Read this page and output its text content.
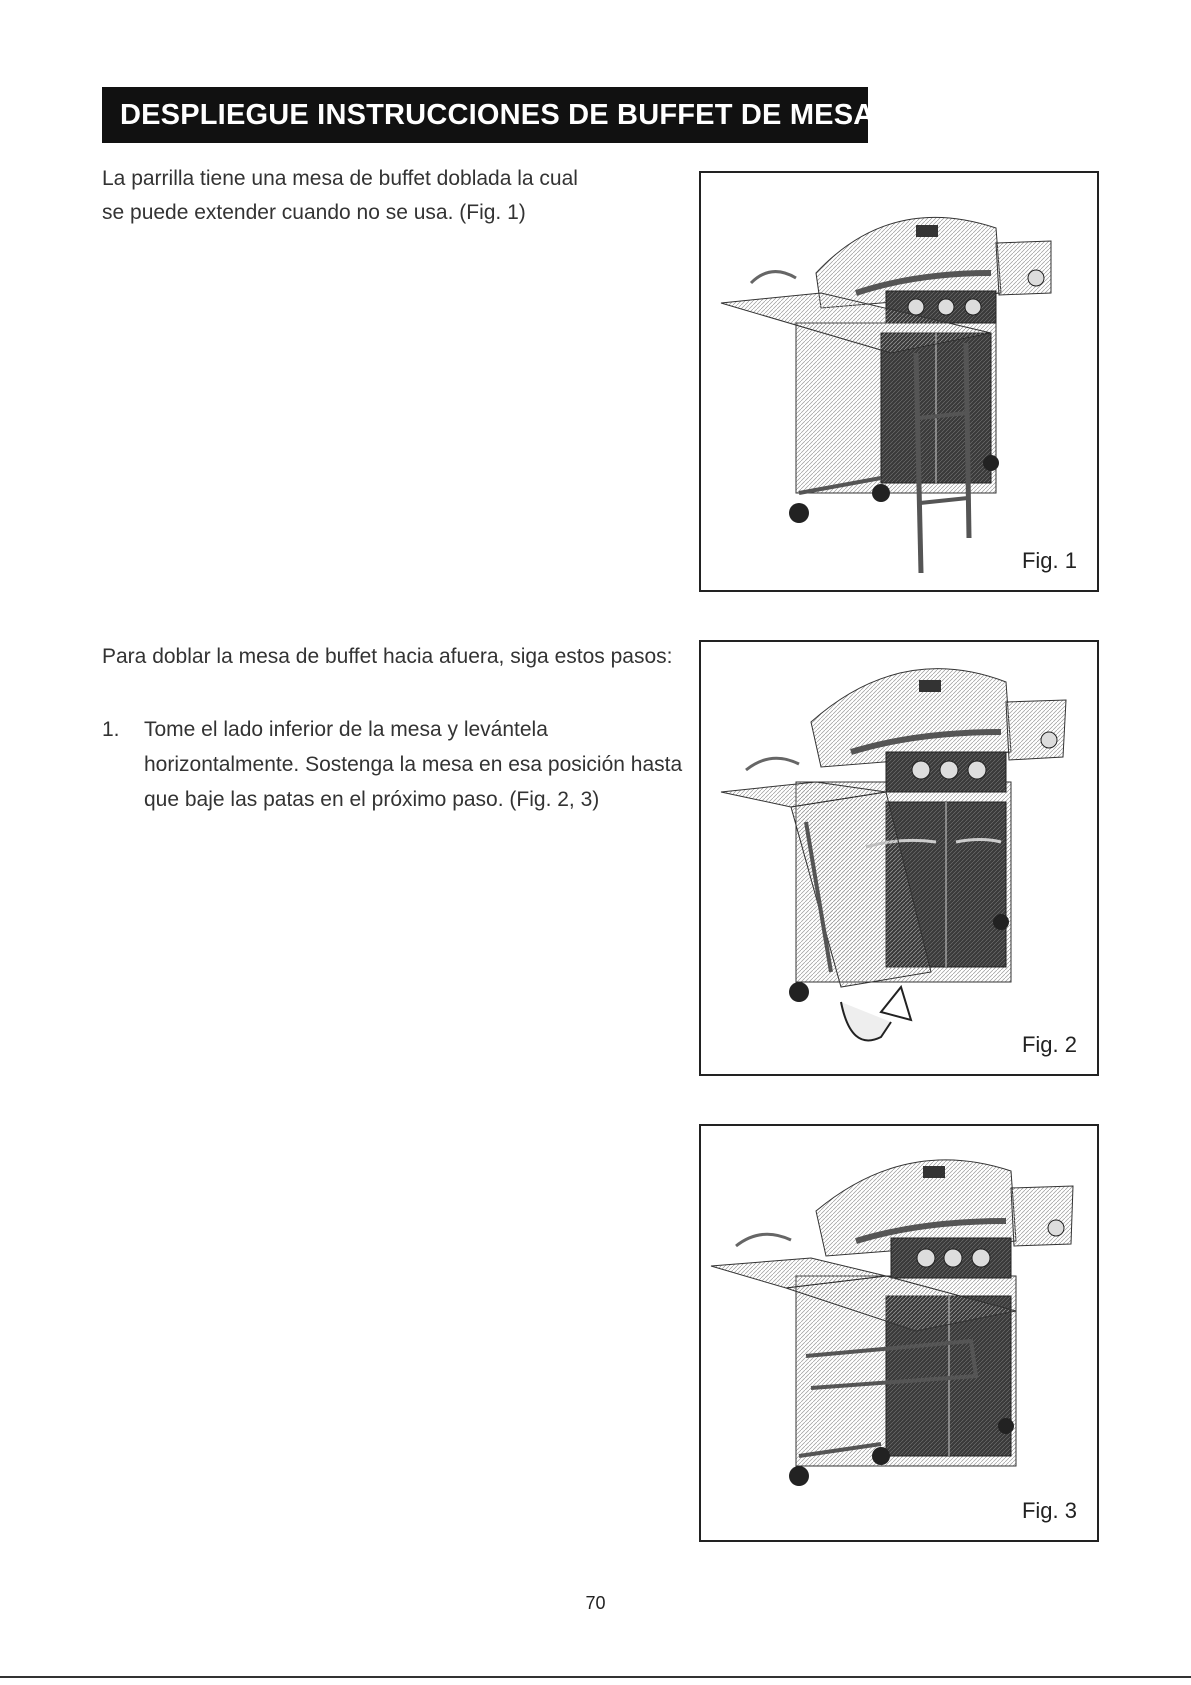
DESPLIEGUE INSTRUCCIONES DE BUFFET DE MESA
La parrilla tiene una mesa de buffet doblada la cual
se puede extender cuando no se usa. (Fig. 1)
Para doblar la mesa de buffet hacia afuera, siga estos pasos:
1. Tome el lado inferior de la mesa y levántela
horizontalmente. Sostenga la mesa en esa posición hasta
que baje las patas en el próximo paso. (Fig. 2, 3)
Fig. 1
Fig. 2
Fig. 3
70
